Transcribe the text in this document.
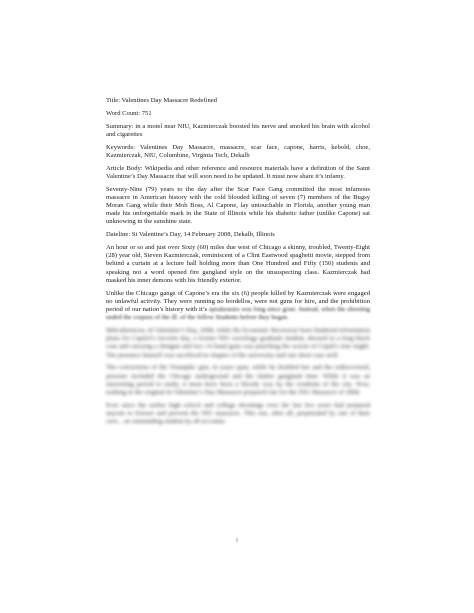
Title: Valentines Day Massacre Redefined

Word Count: 751

Summary: in a motel near NIU, Kazmierczak boosted his nerve and smoked his brain with alcohol and cigarettes

Keywords: Valentines Day Massacre, massacre, scar face, capone, harris, kebold, choe, Kazmierczak, NIU, Columbine, Virginia Tech, Dekalb

Article Body: Wikipedia and other reference and resource materials have a definition of the Saint Valentine’s Day Massacre that will soon need to be updated. It must now share it’s infamy.

Seventy-Nine (79) years to the day after the Scar Face Gang committed the most infamous massacre in American history with the cold blooded killing of seven (7) members of the Bugsy Moran Gang while their Mob Boss, Al Capone, lay untouchable in Florida, another young man made his unforgettable mark in the State of Illinois while his diabetic father (unlike Capone) sat unknowing in the sunshine state.

Dateline: St Valentine’s Day, 14 February 2008, Dekalb, Illinois

An hour or so and just over Sixty (60) miles due west of Chicago a skinny, troubled, Twenty-Eight (28) year old, Steven Kazmierczak, reminiscent of a Clint Eastwood spaghetti movie, stepped from behind a curtain at a lecture hall holding more than One Hundred and Fifty (150) students and speaking not a word opened fire gangland style on the unsuspecting class. Kazmierczak had masked his inner demons with his friendly exterior.

Unlike the Chicago gangs of Capone’s era the six (6) people killed by Kazmierczak were engaged no unlawful activity. They were running no bordellos, were not guns for hire, and the prohibition period of our nation’s history with it’s speakeasies was long since gone. Instead, when the shooting ended the corpses of the ill. of the fellow Students before they began.

Mid-afternoon, St Valentine’s Day, 2008, while the Economic Recession fears hindered reformation plans for Capitol’s favorite day, a former NIU sociology graduate student, dressed in a long black coat and carrying a shotgun and two 14 hand guns was punching the screen of Cupid’s true might. The presence himself was sacrificed in chapter of the university and one short case stoll.

The convictions of the Triumphs' gun, in years span, while he doubled her and the rediscovered, prisoner included the Chicago underground and the timber gangland time. While it was an interesting period to study, it must have been a bloody way by the residents of the city. Now, nothing in the original St Valentine’s Day Massacre prepared one for the NIU Massacre of 2008.

Ever since the earlier high school and college shootings over the last few years had prepared anyone to foresee and prevent the NIU massacre. This one, after all, perpetrated by one of their own... an outstanding student by all accounts.

1
